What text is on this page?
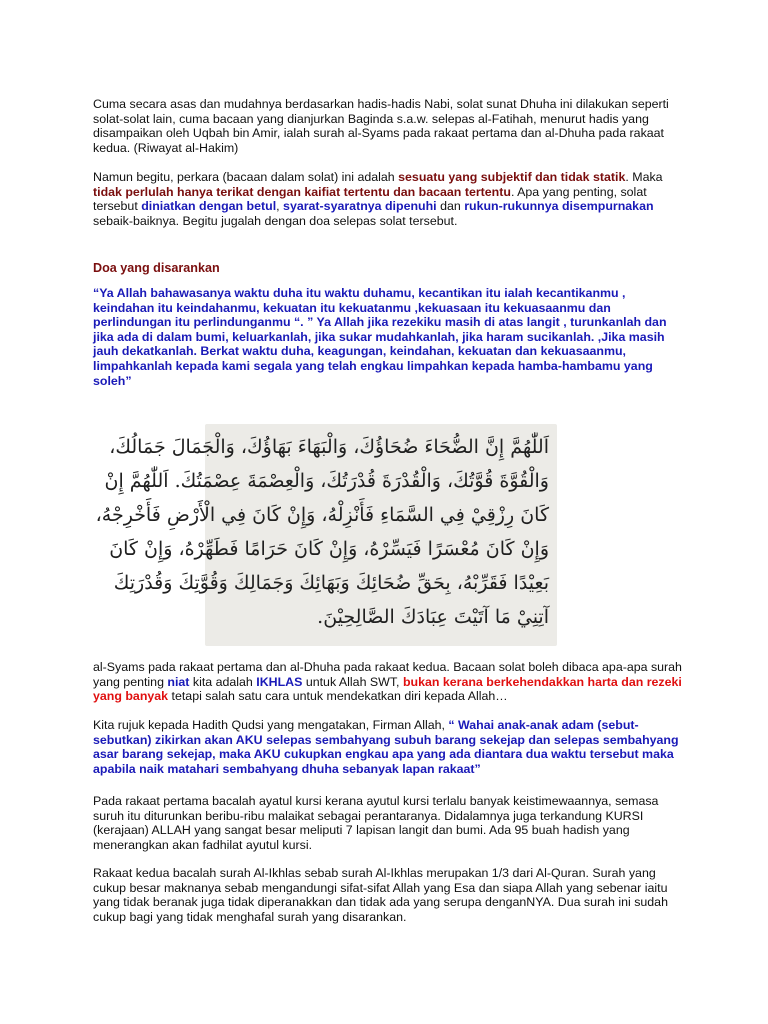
Cuma secara asas dan mudahnya berdasarkan hadis-hadis Nabi, solat sunat Dhuha ini dilakukan seperti solat-solat lain, cuma bacaan yang dianjurkan Baginda s.a.w. selepas al-Fatihah, menurut hadis yang disampaikan oleh Uqbah bin Amir, ialah surah al-Syams pada rakaat pertama dan al-Dhuha pada rakaat kedua. (Riwayat al-Hakim)

Namun begitu, perkara (bacaan dalam solat) ini adalah sesuatu yang subjektif dan tidak statik. Maka tidak perlulah hanya terikat dengan kaifiat tertentu dan bacaan tertentu. Apa yang penting, solat tersebut diniatkan dengan betul, syarat-syaratnya dipenuhi dan rukun-rukunnya disempurnakan sebaik-baiknya. Begitu jugalah dengan doa selepas solat tersebut.

Doa yang disarankan

“Ya Allah bahawasanya waktu duha itu waktu duhamu, kecantikan itu ialah kecantikanmu , keindahan itu keindahanmu, kekuatan itu kekuatanmu ,kekuasaan itu kekuasaanmu dan perlindungan itu perlindunganmu “. ” Ya Allah jika rezekiku masih di atas langit , turunkanlah dan jika ada di dalam bumi, keluarkanlah, jika sukar mudahkanlah, jika haram sucikanlah. ,Jika masih jauh dekatkanlah. Berkat waktu duha, keagungan, keindahan, kekuatan dan kekuasaanmu, limpahkanlah kepada kami segala yang telah engkau limpahkan kepada hamba-hambamu yang soleh”

اَللّٰهُمَّ إِنَّ الضُّحَاءَ ضُحَاؤُكَ، وَالْبَهَاءَ بَهَاؤُكَ، وَالْجَمَالَ جَمَالُكَ،
وَالْقُوَّةَ قُوَّتُكَ، وَالْقُدْرَةَ قُدْرَتُكَ، وَالْعِصْمَةَ عِصْمَتُكَ. اَللّٰهُمَّ إِنْ
كَانَ رِزْقِيْ فِي السَّمَاءِ فَأَنْزِلْهُ، وَإِنْ كَانَ فِي الْأَرْضِ فَأَخْرِجْهُ،
وَإِنْ كَانَ مُعْسَرًا فَيَسِّرْهُ، وَإِنْ كَانَ حَرَامًا فَطَهِّرْهُ، وَإِنْ كَانَ
بَعِيْدًا فَقَرِّبْهُ، بِحَقِّ ضُحَائِكَ وَبَهَائِكَ وَجَمَالِكَ وَقُوَّتِكَ وَقُدْرَتِكَ
آتِنِيْ مَا آتَيْتَ عِبَادَكَ الصَّالِحِيْنَ.

al-Syams pada rakaat pertama dan al-Dhuha pada rakaat kedua. Bacaan solat boleh dibaca apa-apa surah yang penting niat kita adalah IKHLAS untuk Allah SWT, bukan kerana berkehendakkan harta dan rezeki yang banyak tetapi salah satu cara untuk mendekatkan diri kepada Allah…

Kita rujuk kepada Hadith Qudsi yang mengatakan, Firman Allah, “ Wahai anak-anak adam (sebut-sebutkan) zikirkan akan AKU selepas sembahyang subuh barang sekejap dan selepas sembahyang asar barang sekejap, maka AKU cukupkan engkau apa yang ada diantara dua waktu tersebut maka apabila naik matahari sembahyang dhuha sebanyak lapan rakaat”

Pada rakaat pertama bacalah ayatul kursi kerana ayutul kursi terlalu banyak keistimewaannya, semasa suruh itu diturunkan beribu-ribu malaikat sebagai perantaranya. Didalamnya juga terkandung KURSI (kerajaan) ALLAH yang sangat besar meliputi 7 lapisan langit dan bumi. Ada 95 buah hadish yang menerangkan akan fadhilat ayutul kursi.

Rakaat kedua bacalah surah Al-Ikhlas sebab surah Al-Ikhlas merupakan 1/3 dari Al-Quran. Surah yang cukup besar maknanya sebab mengandungi sifat-sifat Allah yang Esa dan siapa Allah yang sebenar iaitu yang tidak beranak juga tidak diperanakkan dan tidak ada yang serupa denganNYA. Dua surah ini sudah cukup bagi yang tidak menghafal surah yang disarankan.
